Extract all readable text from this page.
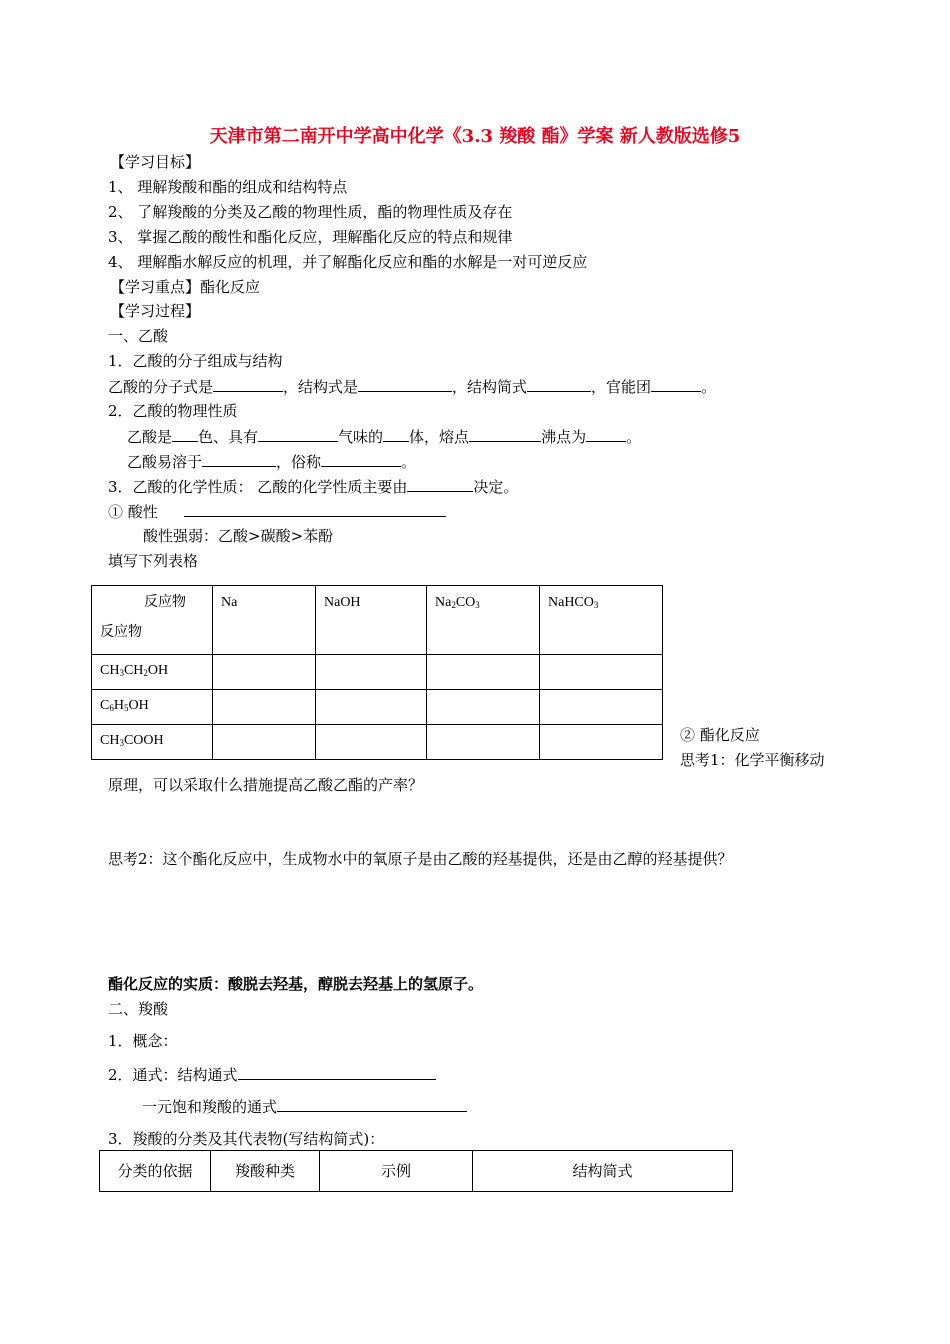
天津市第二南开中学高中化学《3.3 羧酸 酯》学案 新人教版选修5
【学习目标】
1、 理解羧酸和酯的组成和结构特点
2、 了解羧酸的分类及乙酸的物理性质，酯的物理性质及存在
3、 掌握乙酸的酸性和酯化反应，理解酯化反应的特点和规律
4、 理解酯水解反应的机理，并了解酯化反应和酯的水解是一对可逆反应
【学习重点】酯化反应
【学习过程】
一、乙酸
1．乙酸的分子组成与结构
乙酸的分子式是	，结构式是	，结构简式	，官能团	。
2．乙酸的物理性质
乙酸是 色、具有	气味的 体，熔点	沸点为	。
乙酸易溶于	，俗称	。
3．乙酸的化学性质： 乙酸的化学性质主要由	决定。
① 酸性
酸性强弱：乙酸>碳酸>苯酚
填写下列表格
反应物
反应物	Na	NaOH	$Na_2CO_3$	NaHCO$_3$
$CH_3CH_2OH$				
$C_6H_5OH$				
$CH_3COOH$					② 酯化反应
思考1：化学平衡移动
原理，可以采取什么措施提高乙酸乙酯的产率？
思考2：这个酯化反应中，生成物水中的氧原子是由乙酸的羟基提供，还是由乙醇的羟基提供？
酯化反应的实质：酸脱去羟基，醇脱去羟基上的氢原子。
二、羧酸
1．概念：
2．通式：结构通式
一元饱和羧酸的通式
3．羧酸的分类及其代表物(写结构简式)：
分类的依据	羧酸种类	示例	结构简式
